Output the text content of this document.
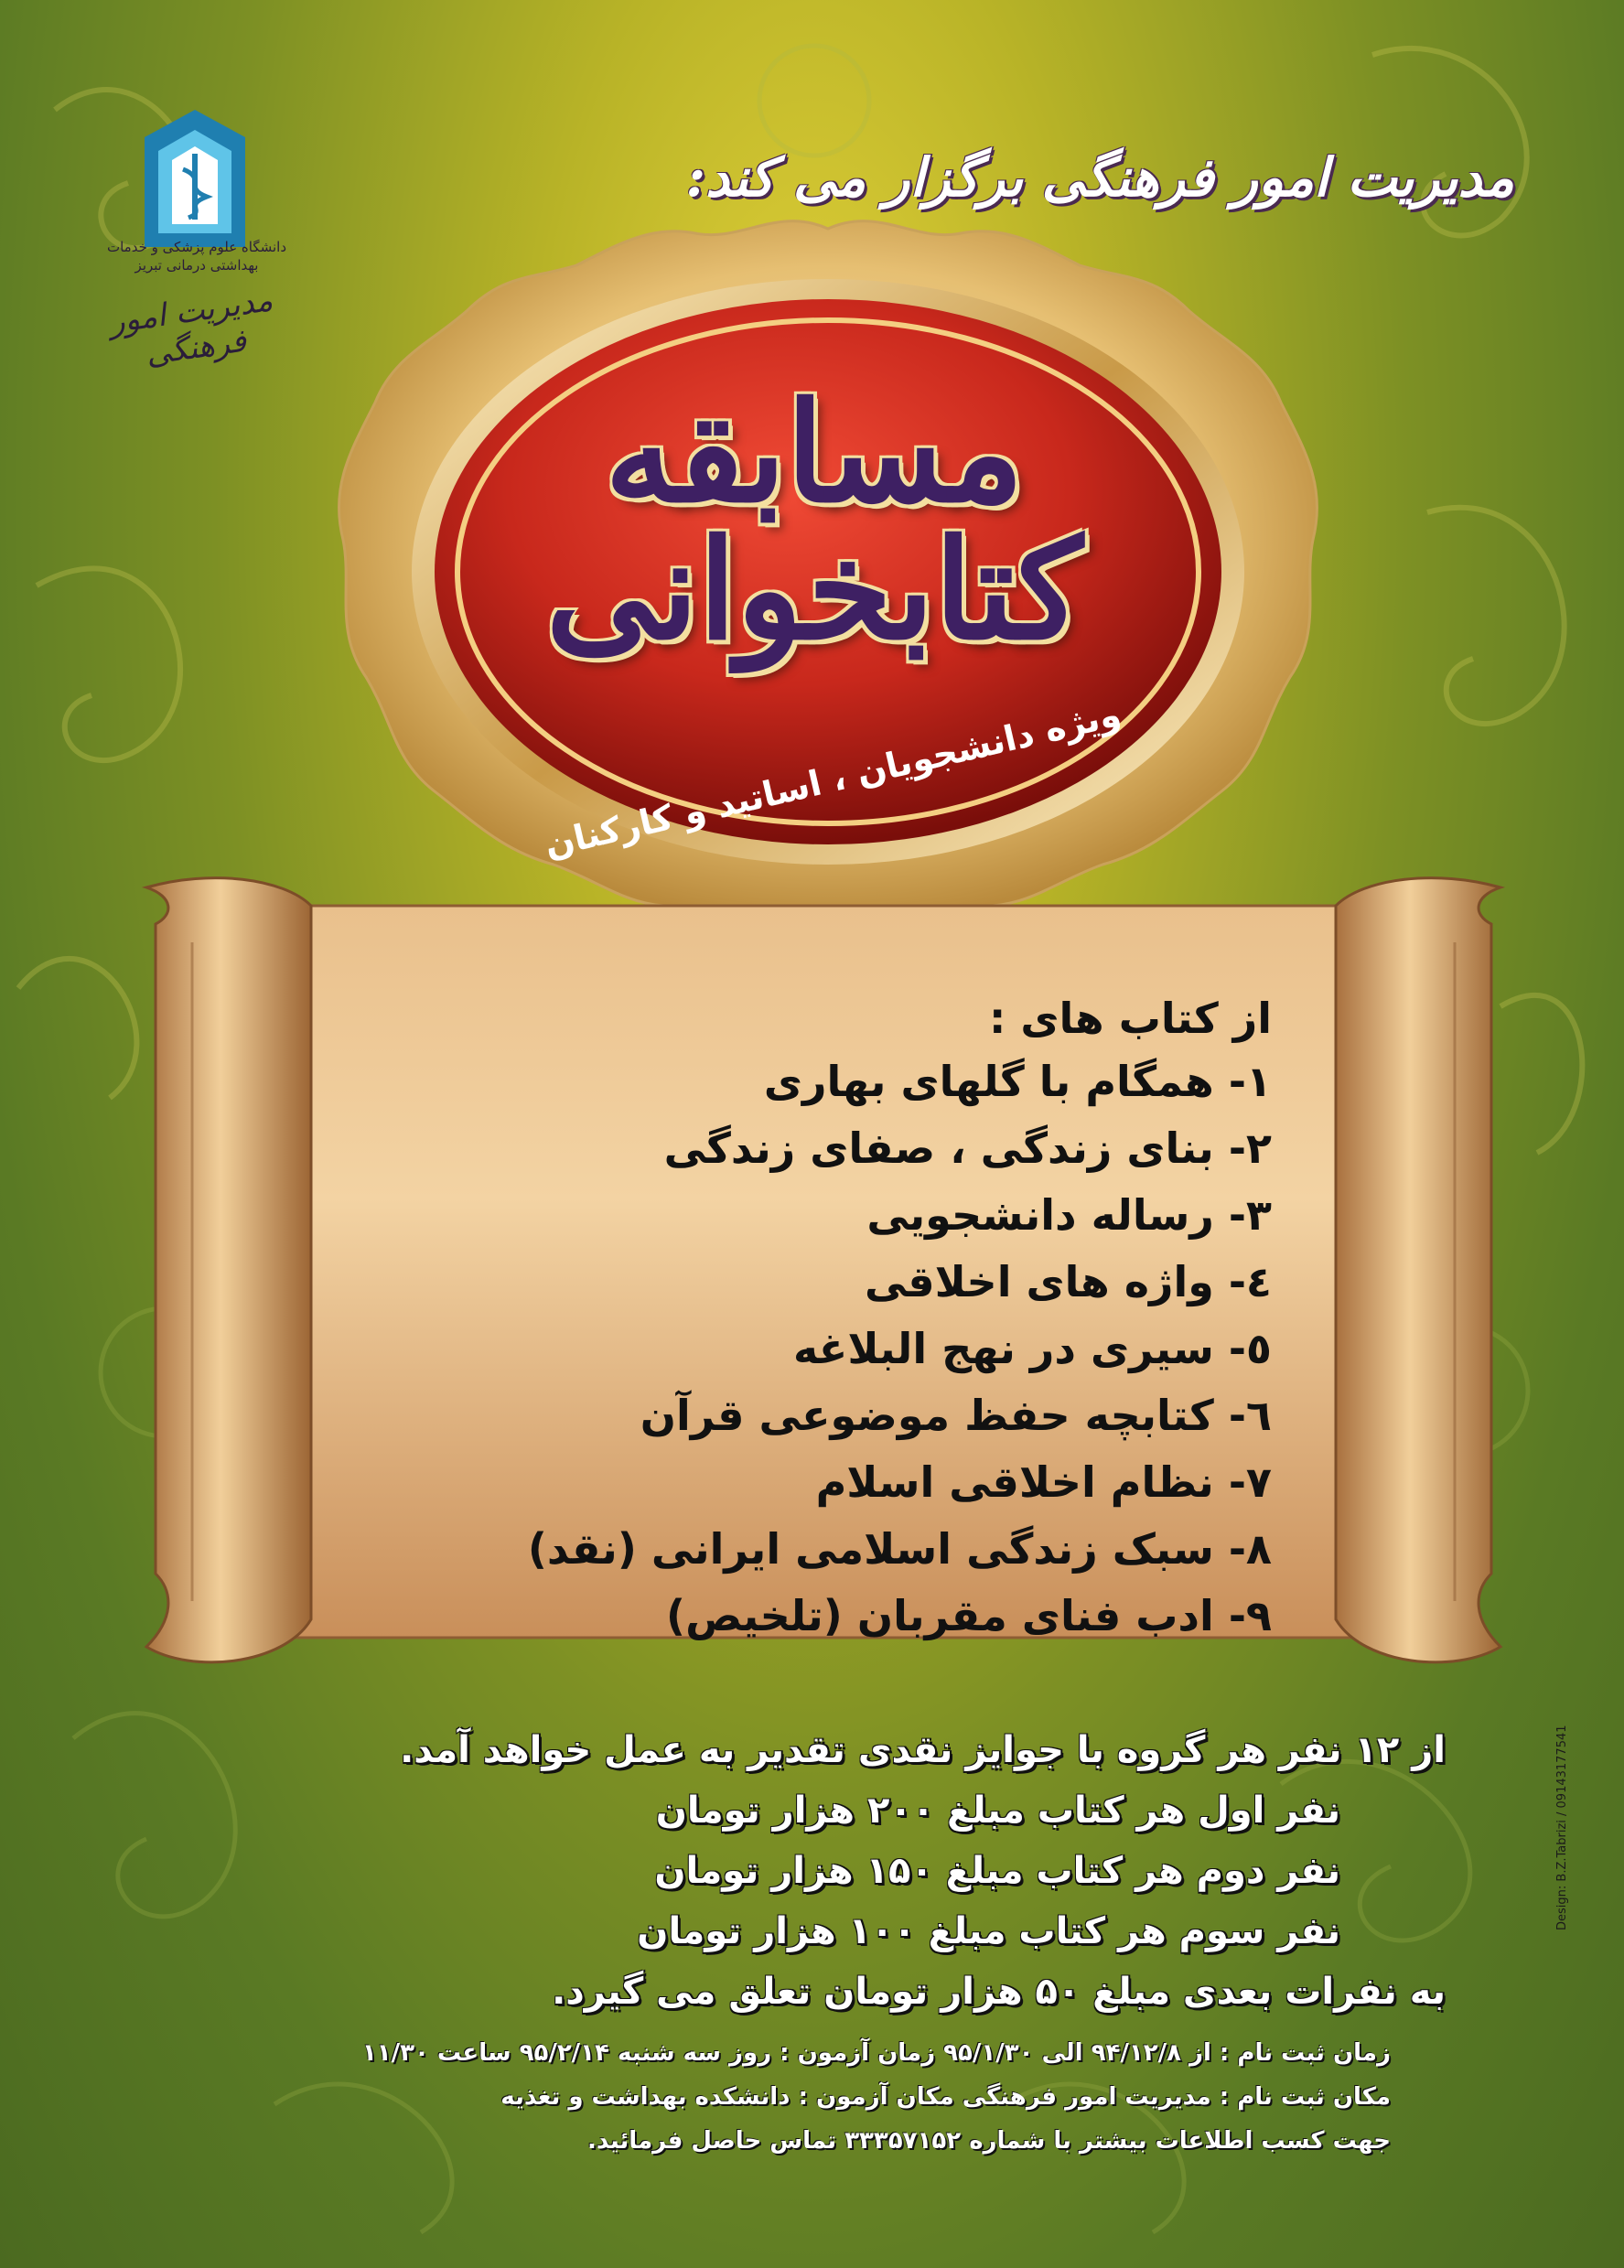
مدیریت امور فرهنگی برگزار می کند:
دانشگاه علوم پزشکی و خدمات بهداشتی درمانی تبریز
مدیریت امور فرهنگی
مسابقه کتابخوانی
ویژه دانشجویان ، اساتید و کارکنان
از کتاب های :
۱- همگام با گلهای بهاری
۲- بنای زندگی ، صفای زندگی
۳- رساله دانشجویی
٤- واژه های اخلاقی
٥- سیری در نهج البلاغه
٦- کتابچه حفظ موضوعی قرآن
۷- نظام اخلاقی اسلام
۸- سبک زندگی اسلامی ایرانی (نقد)
۹- ادب فنای مقربان (تلخیص)
از ۱۲ نفر هر گروه با جوایز نقدی تقدیر به عمل خواهد آمد.
نفر اول هر کتاب مبلغ ۲۰۰ هزار تومان
نفر دوم هر کتاب مبلغ ۱۵۰ هزار تومان
نفر سوم هر کتاب مبلغ ۱۰۰ هزار تومان
به نفرات بعدی مبلغ ۵۰ هزار تومان تعلق می گیرد.
زمان ثبت نام : از ۹۴/۱۲/۸ الی ۹۵/۱/۳۰ زمان آزمون : روز سه شنبه ۹۵/۲/۱۴ ساعت ۱۱/۳۰
مکان ثبت نام : مدیریت امور فرهنگی مکان آزمون : دانشکده بهداشت و تغذیه
جهت کسب اطلاعات بیشتر با شماره ۳۳۳۵۷۱۵۲ تماس حاصل فرمائید.
Design: B.Z.Tabrizi / 09143177541
